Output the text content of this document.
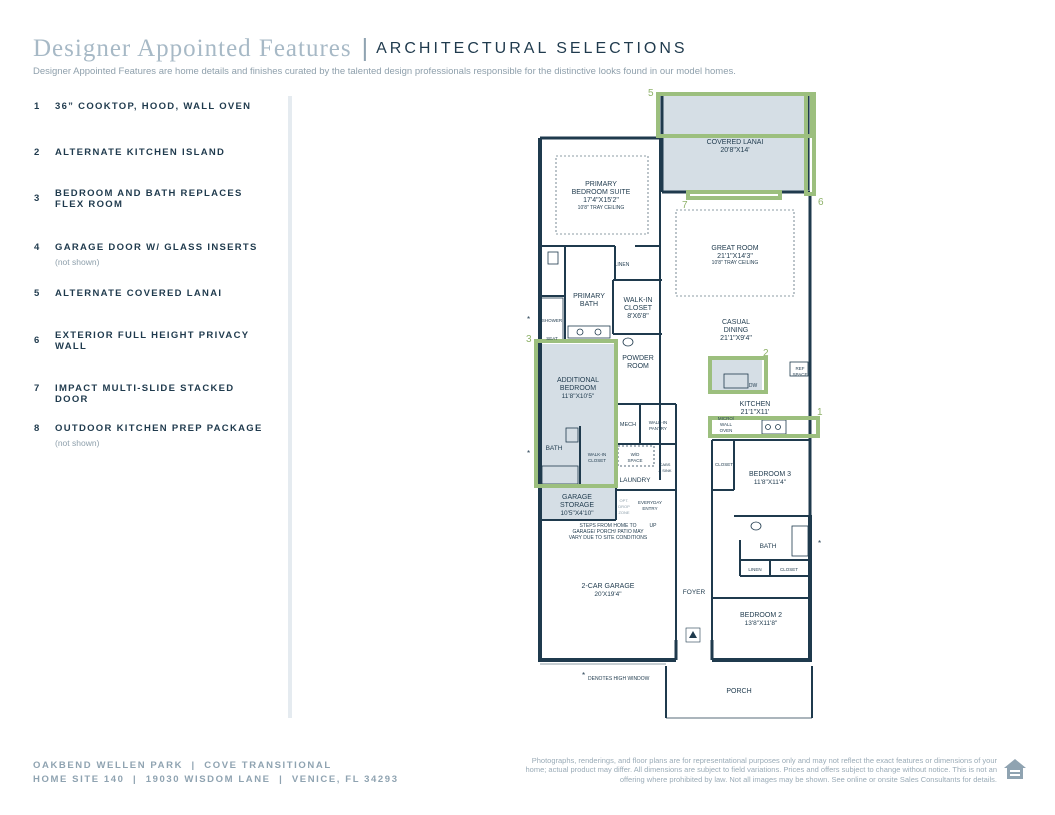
Designer Appointed Features | ARCHITECTURAL SELECTIONS
Designer Appointed Features are home details and finishes curated by the talented design professionals responsible for the distinctive looks found in our model homes.
1 36” COOKTOP, HOOD, WALL OVEN
2 ALTERNATE KITCHEN ISLAND
3 BEDROOM AND BATH REPLACES FLEX ROOM
4 GARAGE DOOR W/ GLASS INSERTS
(not shown)
5 ALTERNATE COVERED LANAI
6 EXTERIOR FULL HEIGHT PRIVACY WALL
7 IMPACT MULTI-SLIDE STACKED DOOR
8 OUTDOOR KITCHEN PREP PACKAGE
(not shown)
1
2
3
5
6
7
COVERED LANAI
20'8"X14'
PRIMARY
BEDROOM SUITE
17'4"X15'2"
10'8" TRAY CEILING
GREAT ROOM
21'1"X14'3"
10'8" TRAY CEILING
LINEN
PRIMARY
BATH
WALK-IN
CLOSET
8'X6'8"
SHOWER
SEAT
CASUAL
DINING
21'1"X9'4"
POWDER
ROOM
ADDITIONAL
BEDROOM
11'8"X10'5"
DW
REF
SPACE
KITCHEN
21'1"X11'
MECH	WALK-IN
PANTRY
MICRO/
WALL
OVEN
BATH
WALK-IN
CLOSET
W/D
SPACE
CABS
& SINK
CLOSET
BEDROOM 3
11'8"X11'4"
LAUNDRY
GARAGE
STORAGE
10'5"X4'10"
OPT.
DROP
ZONE
EVERYDAY
ENTRY
UP
STEPS FROM HOME TO
GARAGE/ PORCH/ PATIO MAY
VARY DUE TO SITE CONDITIONS
BATH
LINEN	CLOSET
2-CAR GARAGE
20'X19'4"	FOYER
BEDROOM 2
13'8"X11'8"
PORCH
* DENOTES HIGH WINDOW
*
*
*
OAKBEND WELLEN PARK  |  COVE TRANSITIONAL
HOME SITE 140  |  19030 WISDOM LANE  |  VENICE, FL 34293
Photographs, renderings, and floor plans are for representational purposes only and may not reflect the exact features or dimensions of your home; actual product may differ. All dimensions are subject to field variations. Prices and offers subject to change without notice. This is not an offering where prohibited by law. Not all images may be shown. See online or onsite Sales Consultants for details.
